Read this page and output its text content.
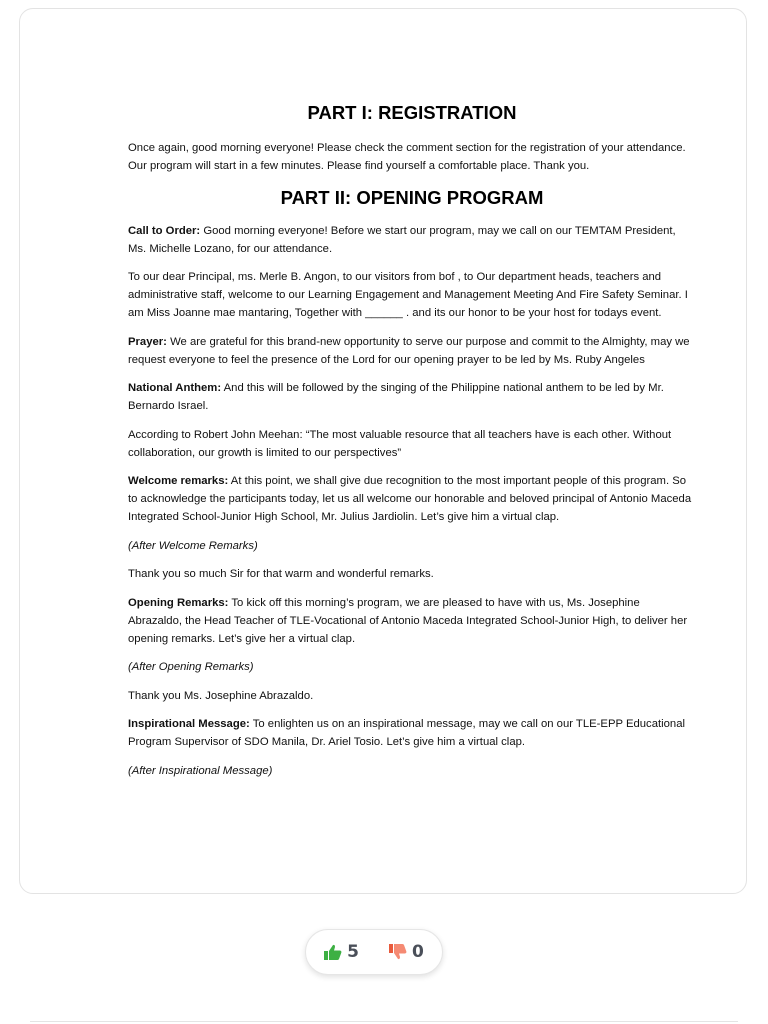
PART I: REGISTRATION

Once again, good morning everyone! Please check the comment section for the registration of your attendance. Our program will start in a few minutes. Please find yourself a comfortable place. Thank you.

PART II: OPENING PROGRAM

Call to Order: Good morning everyone! Before we start our program, may we call on our TEMTAM President, Ms. Michelle Lozano, for our attendance.

To our dear Principal, ms. Merle B. Angon, to our visitors from bof , to Our department heads, teachers and administrative staff, welcome to our Learning Engagement and Management Meeting And Fire Safety Seminar. I am Miss Joanne mae mantaring, Together with ______ . and its our honor to be your host for todays event.

Prayer: We are grateful for this brand-new opportunity to serve our purpose and commit to the Almighty, may we request everyone to feel the presence of the Lord for our opening prayer to be led by Ms. Ruby Angeles

National Anthem: And this will be followed by the singing of the Philippine national anthem to be led by Mr. Bernardo Israel.

According to Robert John Meehan: “The most valuable resource that all teachers have is each other. Without collaboration, our growth is limited to our perspectives”

Welcome remarks: At this point, we shall give due recognition to the most important people of this program. So to acknowledge the participants today, let us all welcome our honorable and beloved principal of Antonio Maceda Integrated School-Junior High School, Mr. Julius Jardiolin. Let’s give him a virtual clap.

(After Welcome Remarks)

Thank you so much Sir for that warm and wonderful remarks.

Opening Remarks: To kick off this morning’s program, we are pleased to have with us, Ms. Josephine Abrazaldo, the Head Teacher of TLE-Vocational of Antonio Maceda Integrated School-Junior High, to deliver her opening remarks. Let’s give her a virtual clap.

(After Opening Remarks)

Thank you Ms. Josephine Abrazaldo.

Inspirational Message: To enlighten us on an inspirational message, may we call on our TLE-EPP Educational Program Supervisor of SDO Manila, Dr. Ariel Tosio. Let’s give him a virtual clap.

(After Inspirational Message)

5	0
